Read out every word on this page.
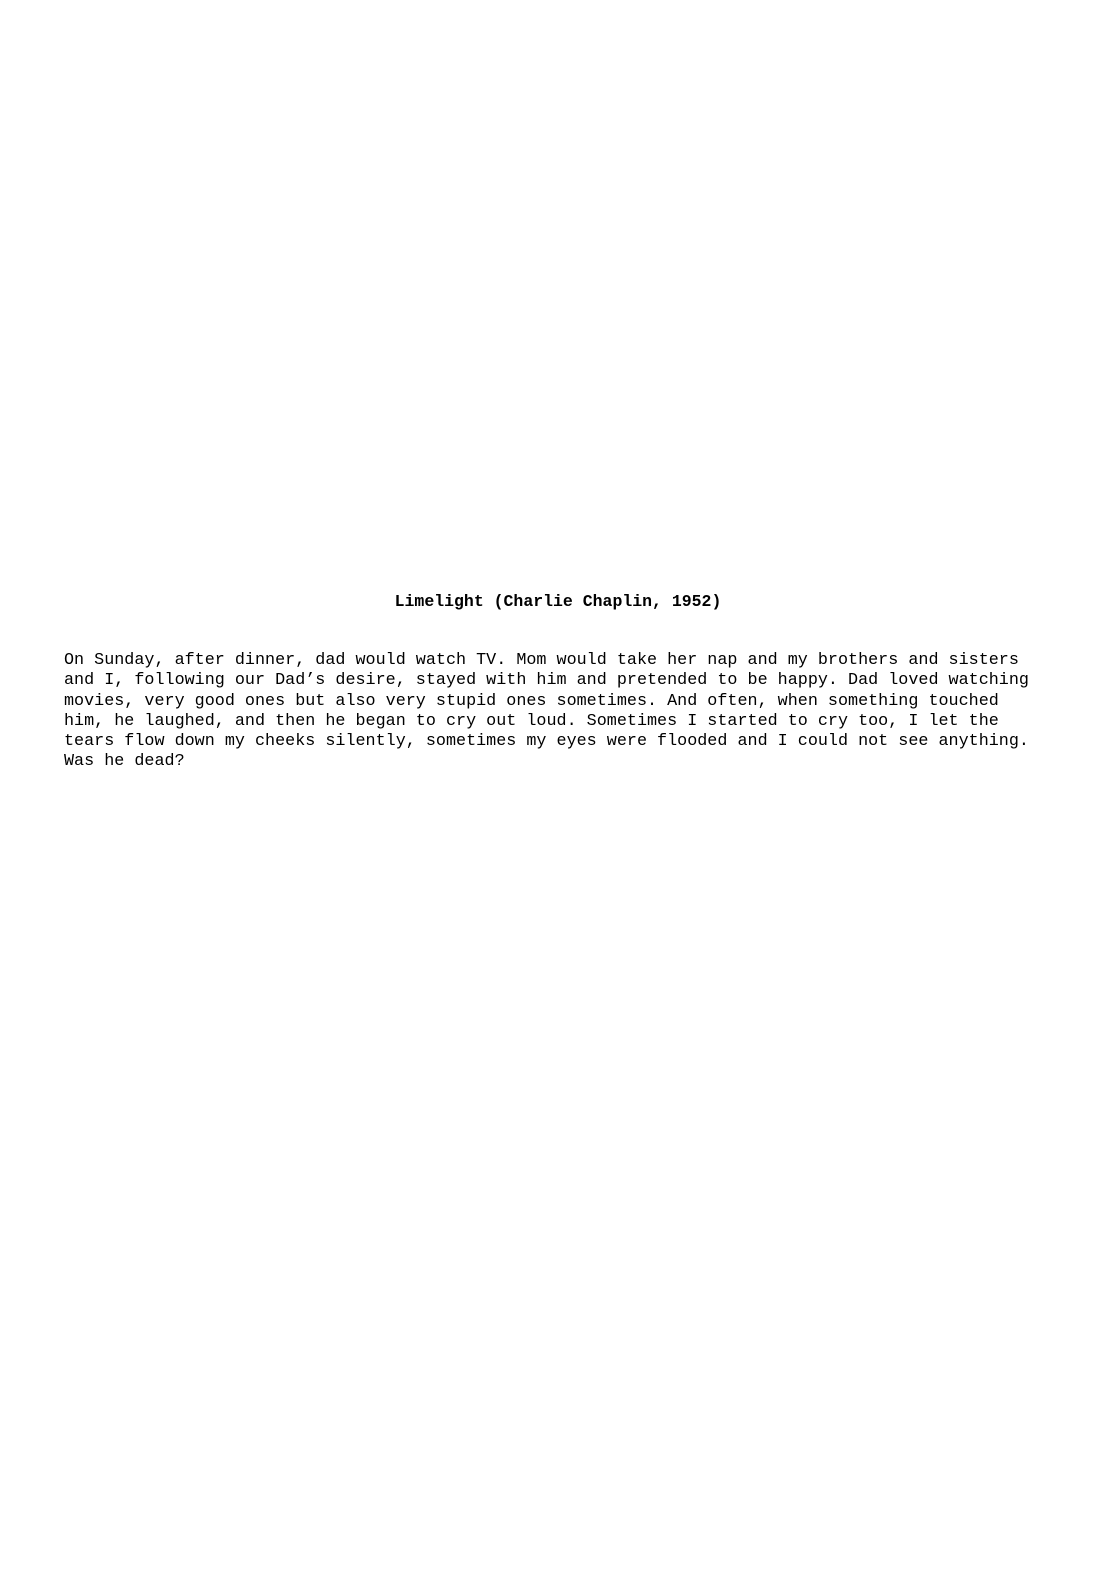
Limelight (Charlie Chaplin, 1952)
On Sunday, after dinner, dad would watch TV. Mom would take her nap and my brothers and sisters
and I, following our Dad’s desire, stayed with him and pretended to be happy. Dad loved watching
movies, very good ones but also very stupid ones sometimes. And often, when something touched
him, he laughed, and then he began to cry out loud. Sometimes I started to cry too, I let the
tears flow down my cheeks silently, sometimes my eyes were flooded and I could not see anything.
Was he dead?
